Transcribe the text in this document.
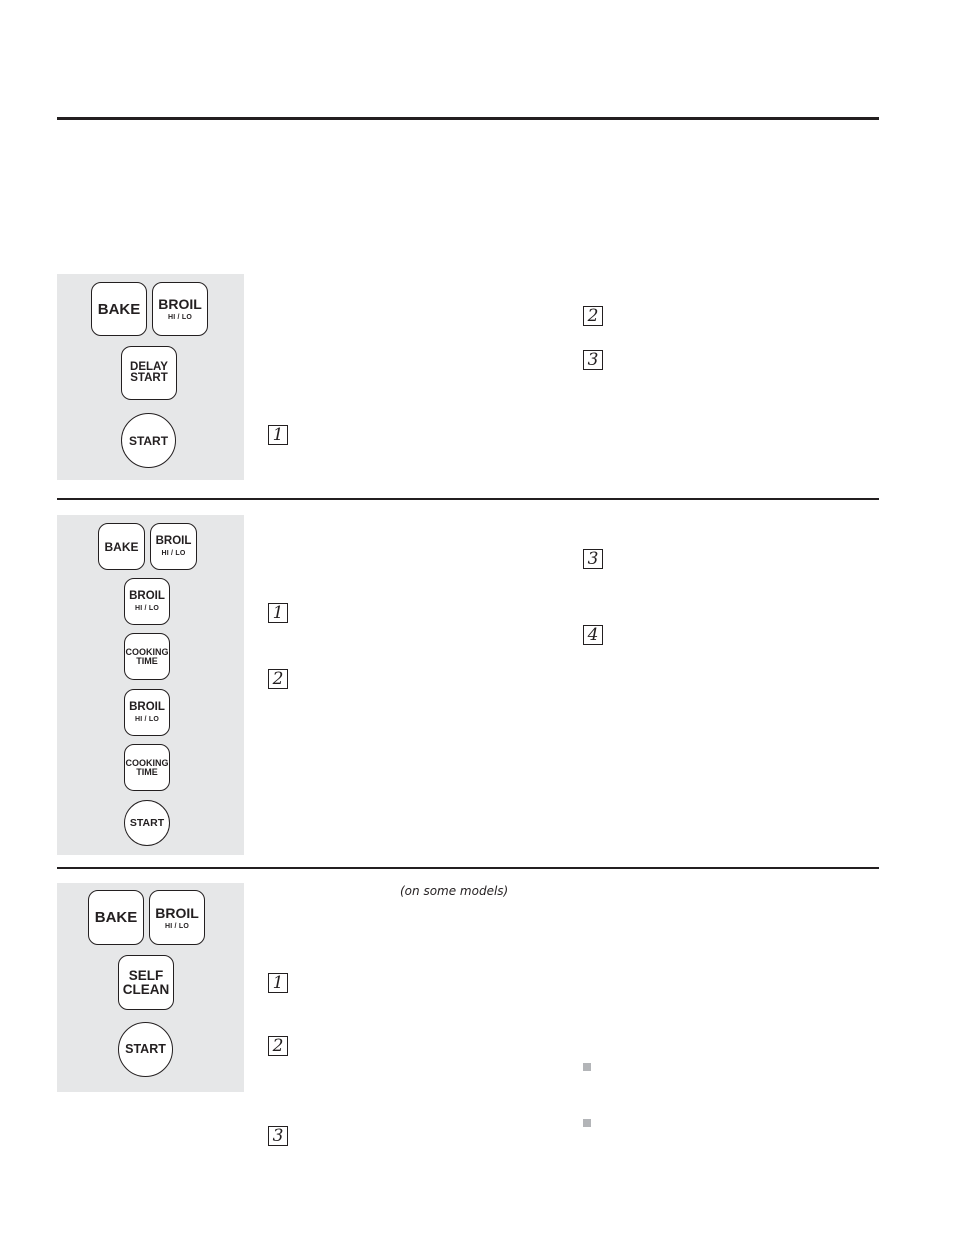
BAKE BROIL
HI / LO
DELAY
START
START	1
2
3
BAKE BROIL
HI / LO
BROIL
HI / LO
COOKING
TIME
BROIL
HI / LO
COOKING
TIME
START
1
2
3
4
BAKE BROIL
HI / LO
SELF
CLEAN
START
(on some models)
1
2
3
